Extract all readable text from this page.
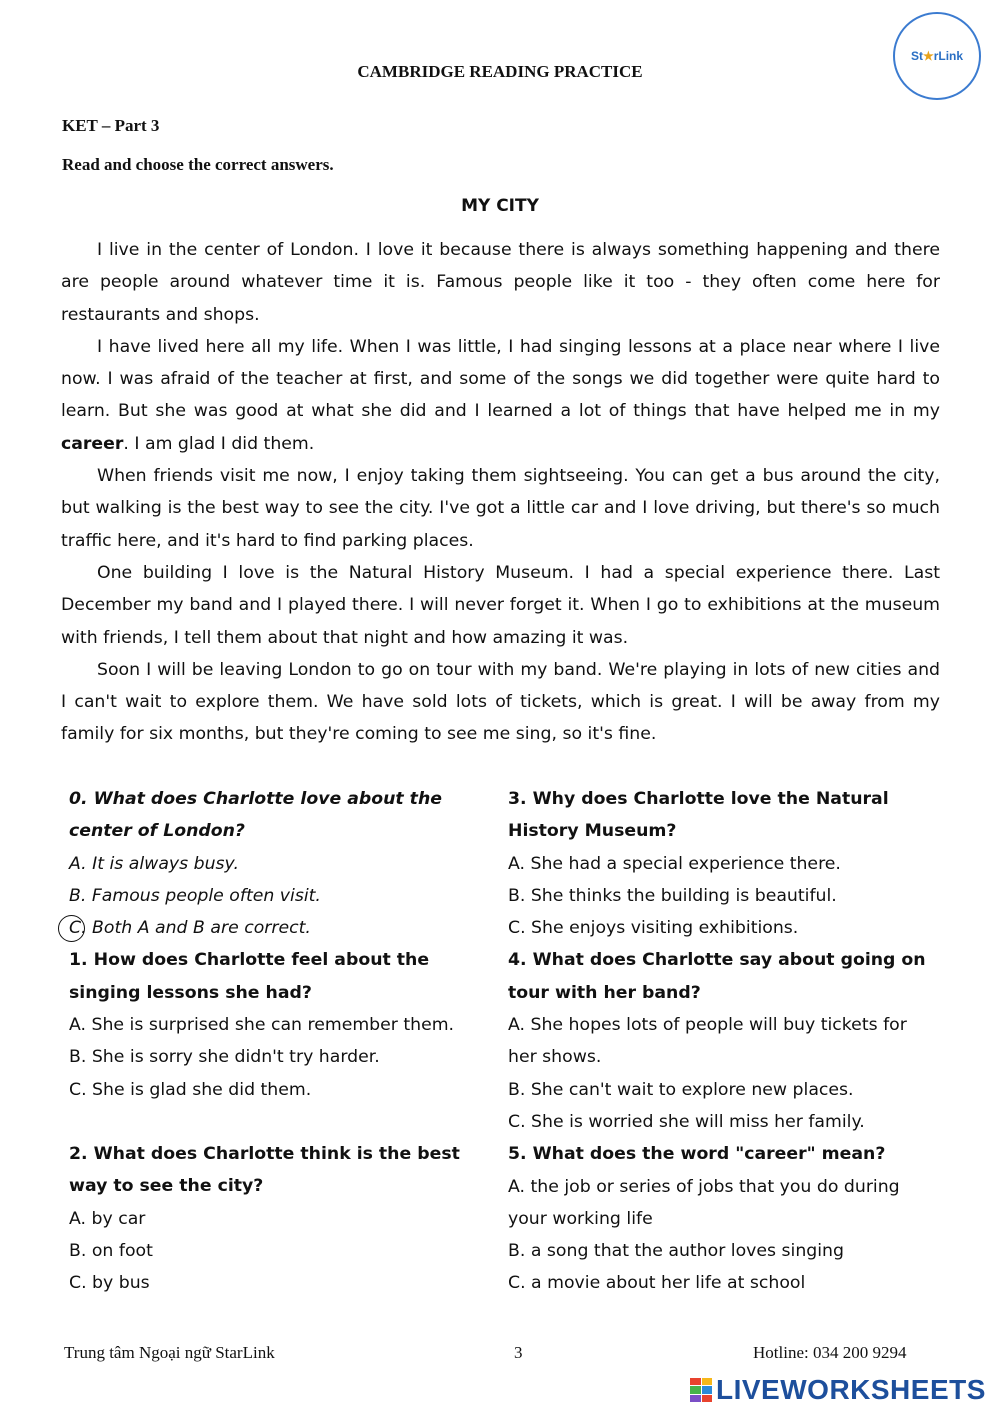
St ★ rLink
CAMBRIDGE READING PRACTICE
KET – Part 3
Read and choose the correct answers.
MY CITY

I live in the center of London. I love it because there is always something happening and there are people around whatever time it is. Famous people like it too - they often come here for restaurants and shops.

I have lived here all my life. When I was little, I had singing lessons at a place near where I live now. I was afraid of the teacher at first, and some of the songs we did together were quite hard to learn. But she was good at what she did and I learned a lot of things that have helped me in my career. I am glad I did them.

When friends visit me now, I enjoy taking them sightseeing. You can get a bus around the city, but walking is the best way to see the city. I've got a little car and I love driving, but there's so much traffic here, and it's hard to find parking places.

One building I love is the Natural History Museum. I had a special experience there. Last December my band and I played there. I will never forget it. When I go to exhibitions at the museum with friends, I tell them about that night and how amazing it was.

Soon I will be leaving London to go on tour with my band. We're playing in lots of new cities and I can't wait to explore them. We have sold lots of tickets, which is great. I will be away from my family for six months, but they're coming to see me sing, so it's fine.

0. What does Charlotte love about the center of London?
A. It is always busy.
B. Famous people often visit.
C. Both A and B are correct.
1. How does Charlotte feel about the singing lessons she had?
A. She is surprised she can remember them.
B. She is sorry she didn't try harder.
C. She is glad she did them.
2. What does Charlotte think is the best way to see the city?
A. by car
B. on foot
C. by bus
3. Why does Charlotte love the Natural History Museum?
A. She had a special experience there.
B. She thinks the building is beautiful.
C. She enjoys visiting exhibitions.
4. What does Charlotte say about going on tour with her band?
A. She hopes lots of people will buy tickets for her shows.
B. She can't wait to explore new places.
C. She is worried she will miss her family.
5. What does the word "career" mean?
A. the job or series of jobs that you do during your working life
B. a song that the author loves singing
C. a movie about her life at school
Trung tâm Ngoại ngữ StarLink	3	Hotline: 034 200 9294
LIVEWORKSHEETS
